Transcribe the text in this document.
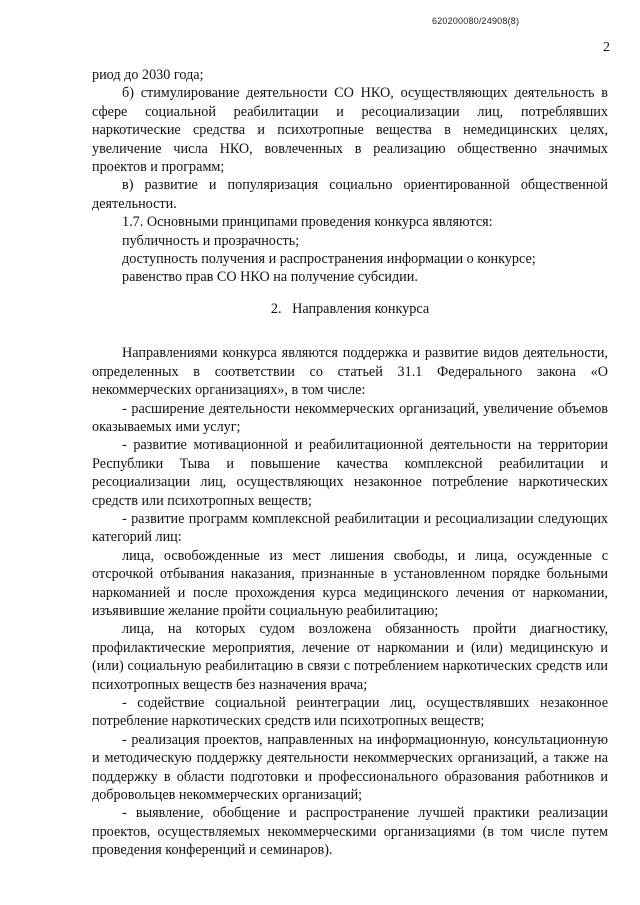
620200080/24908(8)
2

риод до 2030 года;

б) стимулирование деятельности СО НКО, осуществляющих деятельность в сфере социальной реабилитации и ресоциализации лиц, потреблявших наркотические средства и психотропные вещества в немедицинских целях, увеличение числа НКО, вовлеченных в реализацию общественно значимых проектов и программ;

в) развитие и популяризация социально ориентированной общественной деятельности.

1.7. Основными принципами проведения конкурса являются:

публичность и прозрачность;

доступность получения и распространения информации о конкурсе;

равенство прав СО НКО на получение субсидии.

2.  Направления конкурса

Направлениями конкурса являются поддержка и развитие видов деятельности, определенных в соответствии со статьей 31.1 Федерального закона «О некоммерческих организациях», в том числе:

- расширение деятельности некоммерческих организаций, увеличение объемов оказываемых ими услуг;

- развитие мотивационной и реабилитационной деятельности на территории Республики Тыва и повышение качества комплексной реабилитации и ресоциализации лиц, осуществляющих незаконное потребление наркотических средств или психотропных веществ;

- развитие программ комплексной реабилитации и ресоциализации следующих категорий лиц:

лица, освобожденные из мест лишения свободы, и лица, осужденные с отсрочкой отбывания наказания, признанные в установленном порядке больными наркоманией и после прохождения курса медицинского лечения от наркомании, изъявившие желание пройти социальную реабилитацию;

лица, на которых судом возложена обязанность пройти диагностику, профилактические мероприятия, лечение от наркомании и (или) медицинскую и (или) социальную реабилитацию в связи с потреблением наркотических средств или психотропных веществ без назначения врача;

- содействие социальной реинтеграции лиц, осуществлявших незаконное потребление наркотических средств или психотропных веществ;

- реализация проектов, направленных на информационную, консультационную и методическую поддержку деятельности некоммерческих организаций, а также на поддержку в области подготовки и профессионального образования работников и добровольцев некоммерческих организаций;

- выявление, обобщение и распространение лучшей практики реализации проектов, осуществляемых некоммерческими организациями (в том числе путем проведения конференций и семинаров).
